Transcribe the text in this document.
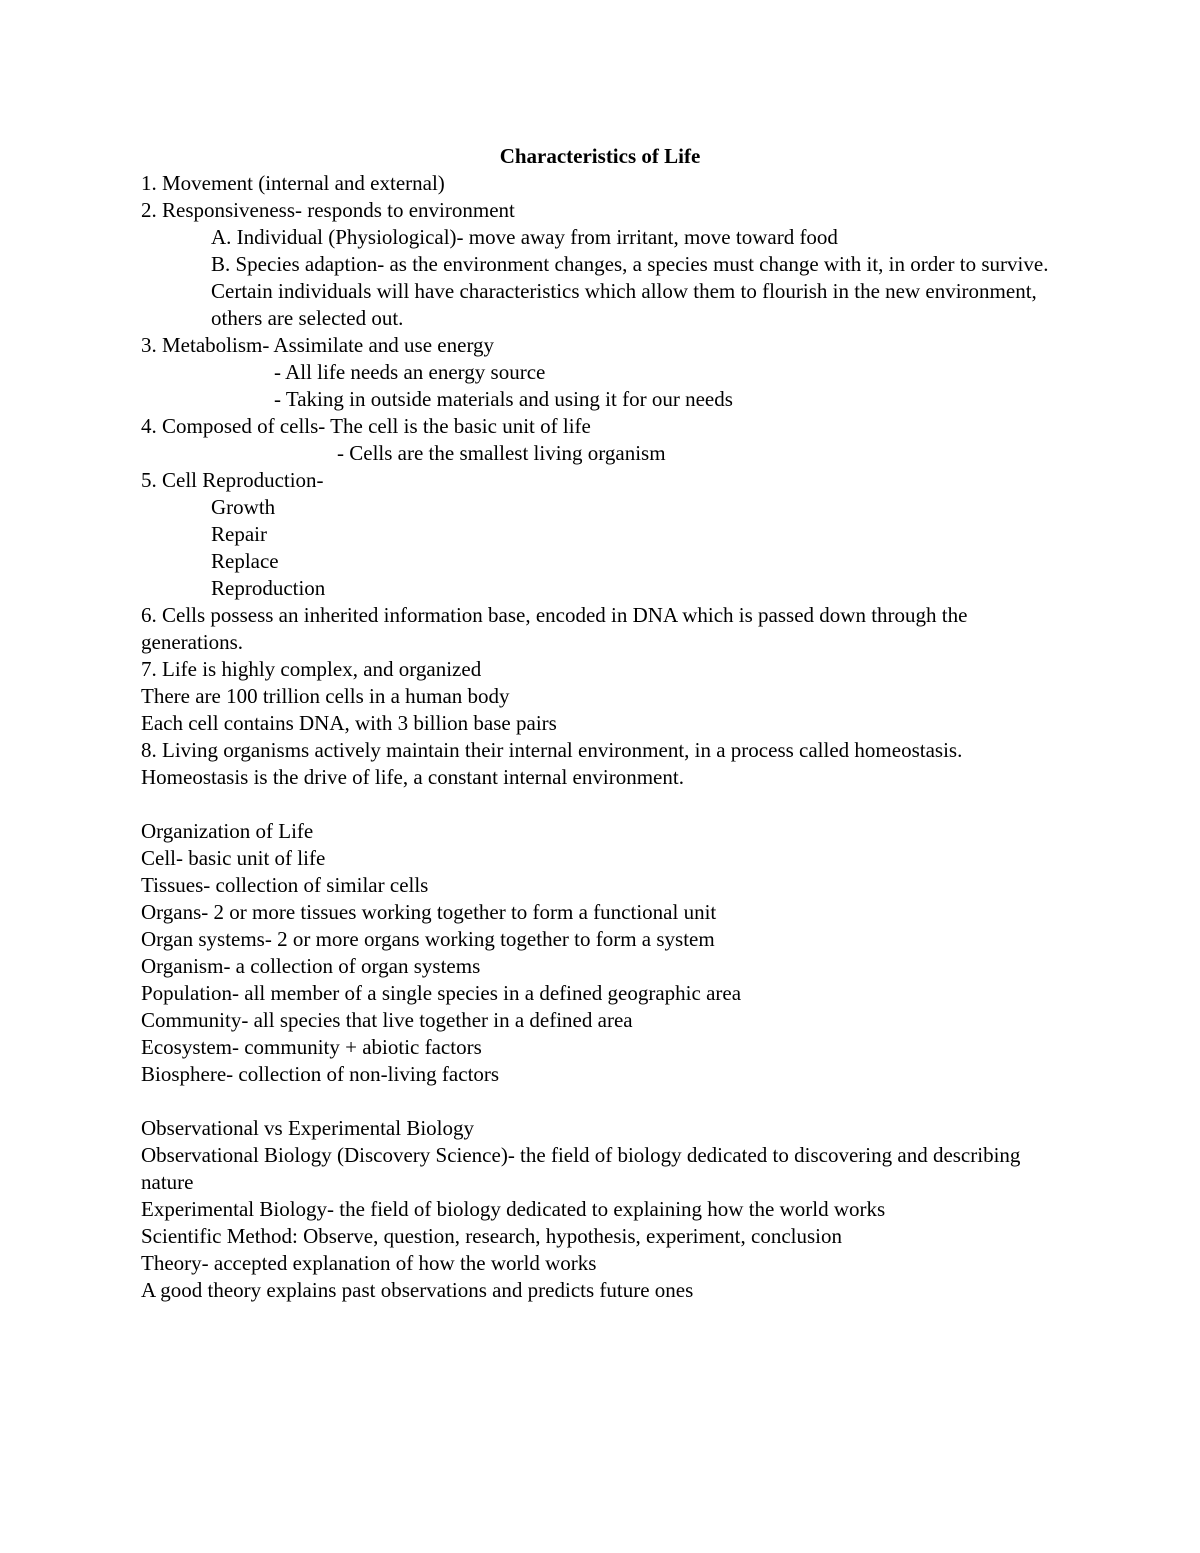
Characteristics of Life
1. Movement (internal and external)
2. Responsiveness- responds to environment
A. Individual (Physiological)- move away from irritant, move toward food
B. Species adaption- as the environment changes, a species must change with it, in order to survive. Certain individuals will have characteristics which allow them to flourish in the new environment, others are selected out.
3. Metabolism- Assimilate and use energy
- All life needs an energy source
- Taking in outside materials and using it for our needs
4. Composed of cells- The cell is the basic unit of life
- Cells are the smallest living organism
5. Cell Reproduction-
Growth
Repair
Replace
Reproduction
6. Cells possess an inherited information base, encoded in DNA which is passed down through the generations.
7. Life is highly complex, and organized
There are 100 trillion cells in a human body
Each cell contains DNA, with 3 billion base pairs
8. Living organisms actively maintain their internal environment, in a process called homeostasis. Homeostasis is the drive of life, a constant internal environment.
Organization of Life
Cell- basic unit of life
Tissues- collection of similar cells
Organs- 2 or more tissues working together to form a functional unit
Organ systems- 2 or more organs working together to form a system
Organism- a collection of organ systems
Population- all member of a single species in a defined geographic area
Community- all species that live together in a defined area
Ecosystem- community + abiotic factors
Biosphere- collection of non-living factors
Observational vs Experimental Biology
Observational Biology (Discovery Science)- the field of biology dedicated to discovering and describing nature
Experimental Biology- the field of biology dedicated to explaining how the world works
Scientific Method: Observe, question, research, hypothesis, experiment, conclusion
Theory- accepted explanation of how the world works
A good theory explains past observations and predicts future ones
